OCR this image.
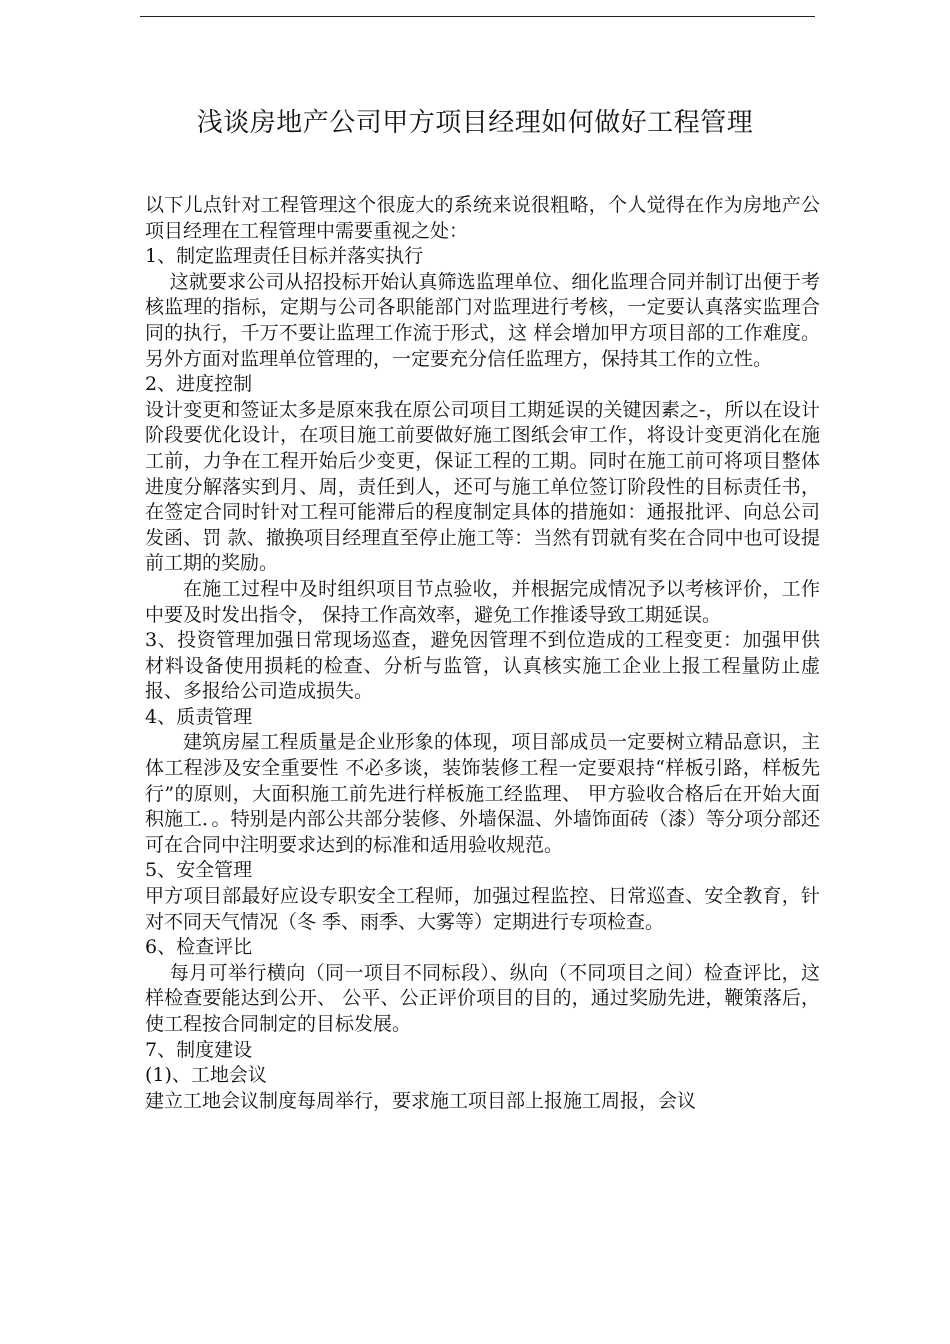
浅谈房地产公司甲方项目经理如何做好工程管理

以下儿点针对工程管理这个很庞大的系统来说很粗略，个人觉得在作为房地产公项目经理在工程管理中需要重视之处：

1、制定监理责任目标并落实执行

这就要求公司从招投标开始认真筛选监理单位、细化监理合同并制订出便于考核监理的指标，定期与公司各职能部门对监理进行考核，一定要认真落实监理合同的执行，千万不要让监理工作流于形式，这 样会增加甲方项目部的工作难度。另外方面对监理单位管理的，一定要充分信任监理方，保持其工作的立性。

2、进度控制

设计变更和签证太多是原來我在原公司项目工期延误的关键因素之-，所以在设计阶段要优化设计，在项目施工前要做好施工图纸会审工作，将设计变更消化在施工前，力争在工程开始后少变更，保证工程的工期。同时在施工前可将项目整体进度分解落实到月、周，责任到人，还可与施工单位签订阶段性的目标责任书，在签定合同时针对工程可能滞后的程度制定具体的措施如：通报批评、向总公司发函、罚 款、撤换项目经理直至停止施工等：当然有罚就有奖在合同中也可设提前工期的奖励。

在施工过程中及时组织项目节点验收，并根据完成情况予以考核评价，工作中要及时发出指令， 保持工作高效率，避免工作推诿导致工期延误。

3、投资管理加强日常现场巡查，避免因管理不到位造成的工程变更：加强甲供材料设备使用损耗的检查、分析与监管，认真核实施工企业上报工程量防止虚报、多报给公司造成损失。

4、质责管理

建筑房屋工程质量是企业形象的体现，项目部成员一定要树立精品意识，主体工程涉及安全重要性 不必多谈，装饰装修工程一定要艰持“样板引路，样板先行”的原则，大面积施工前先进行样板施工经监理、 甲方验收合格后在开始大面积施工．。特别是内部公共部分装修、外墙保温、外墙饰面砖（漆）等分项分部还可在合同中注明要求达到的标准和适用验收规范。

5、安全管理

甲方项目部最好应设专职安全工程师，加强过程监控、日常巡查、安全教育，针对不同天气情况（冬 季、雨季、大雾等）定期进行专项检查。

6、检查评比

每月可举行横向（同一项目不同标段）、纵向（不同项目之间）检查评比，这样检查要能达到公开、 公平、公正评价项目的目的，通过奖励先进，鞭策落后，使工程按合同制定的目标发展。

7、制度建设

(1)、工地会议

建立工地会议制度每周举行，要求施工项目部上报施工周报，会议
